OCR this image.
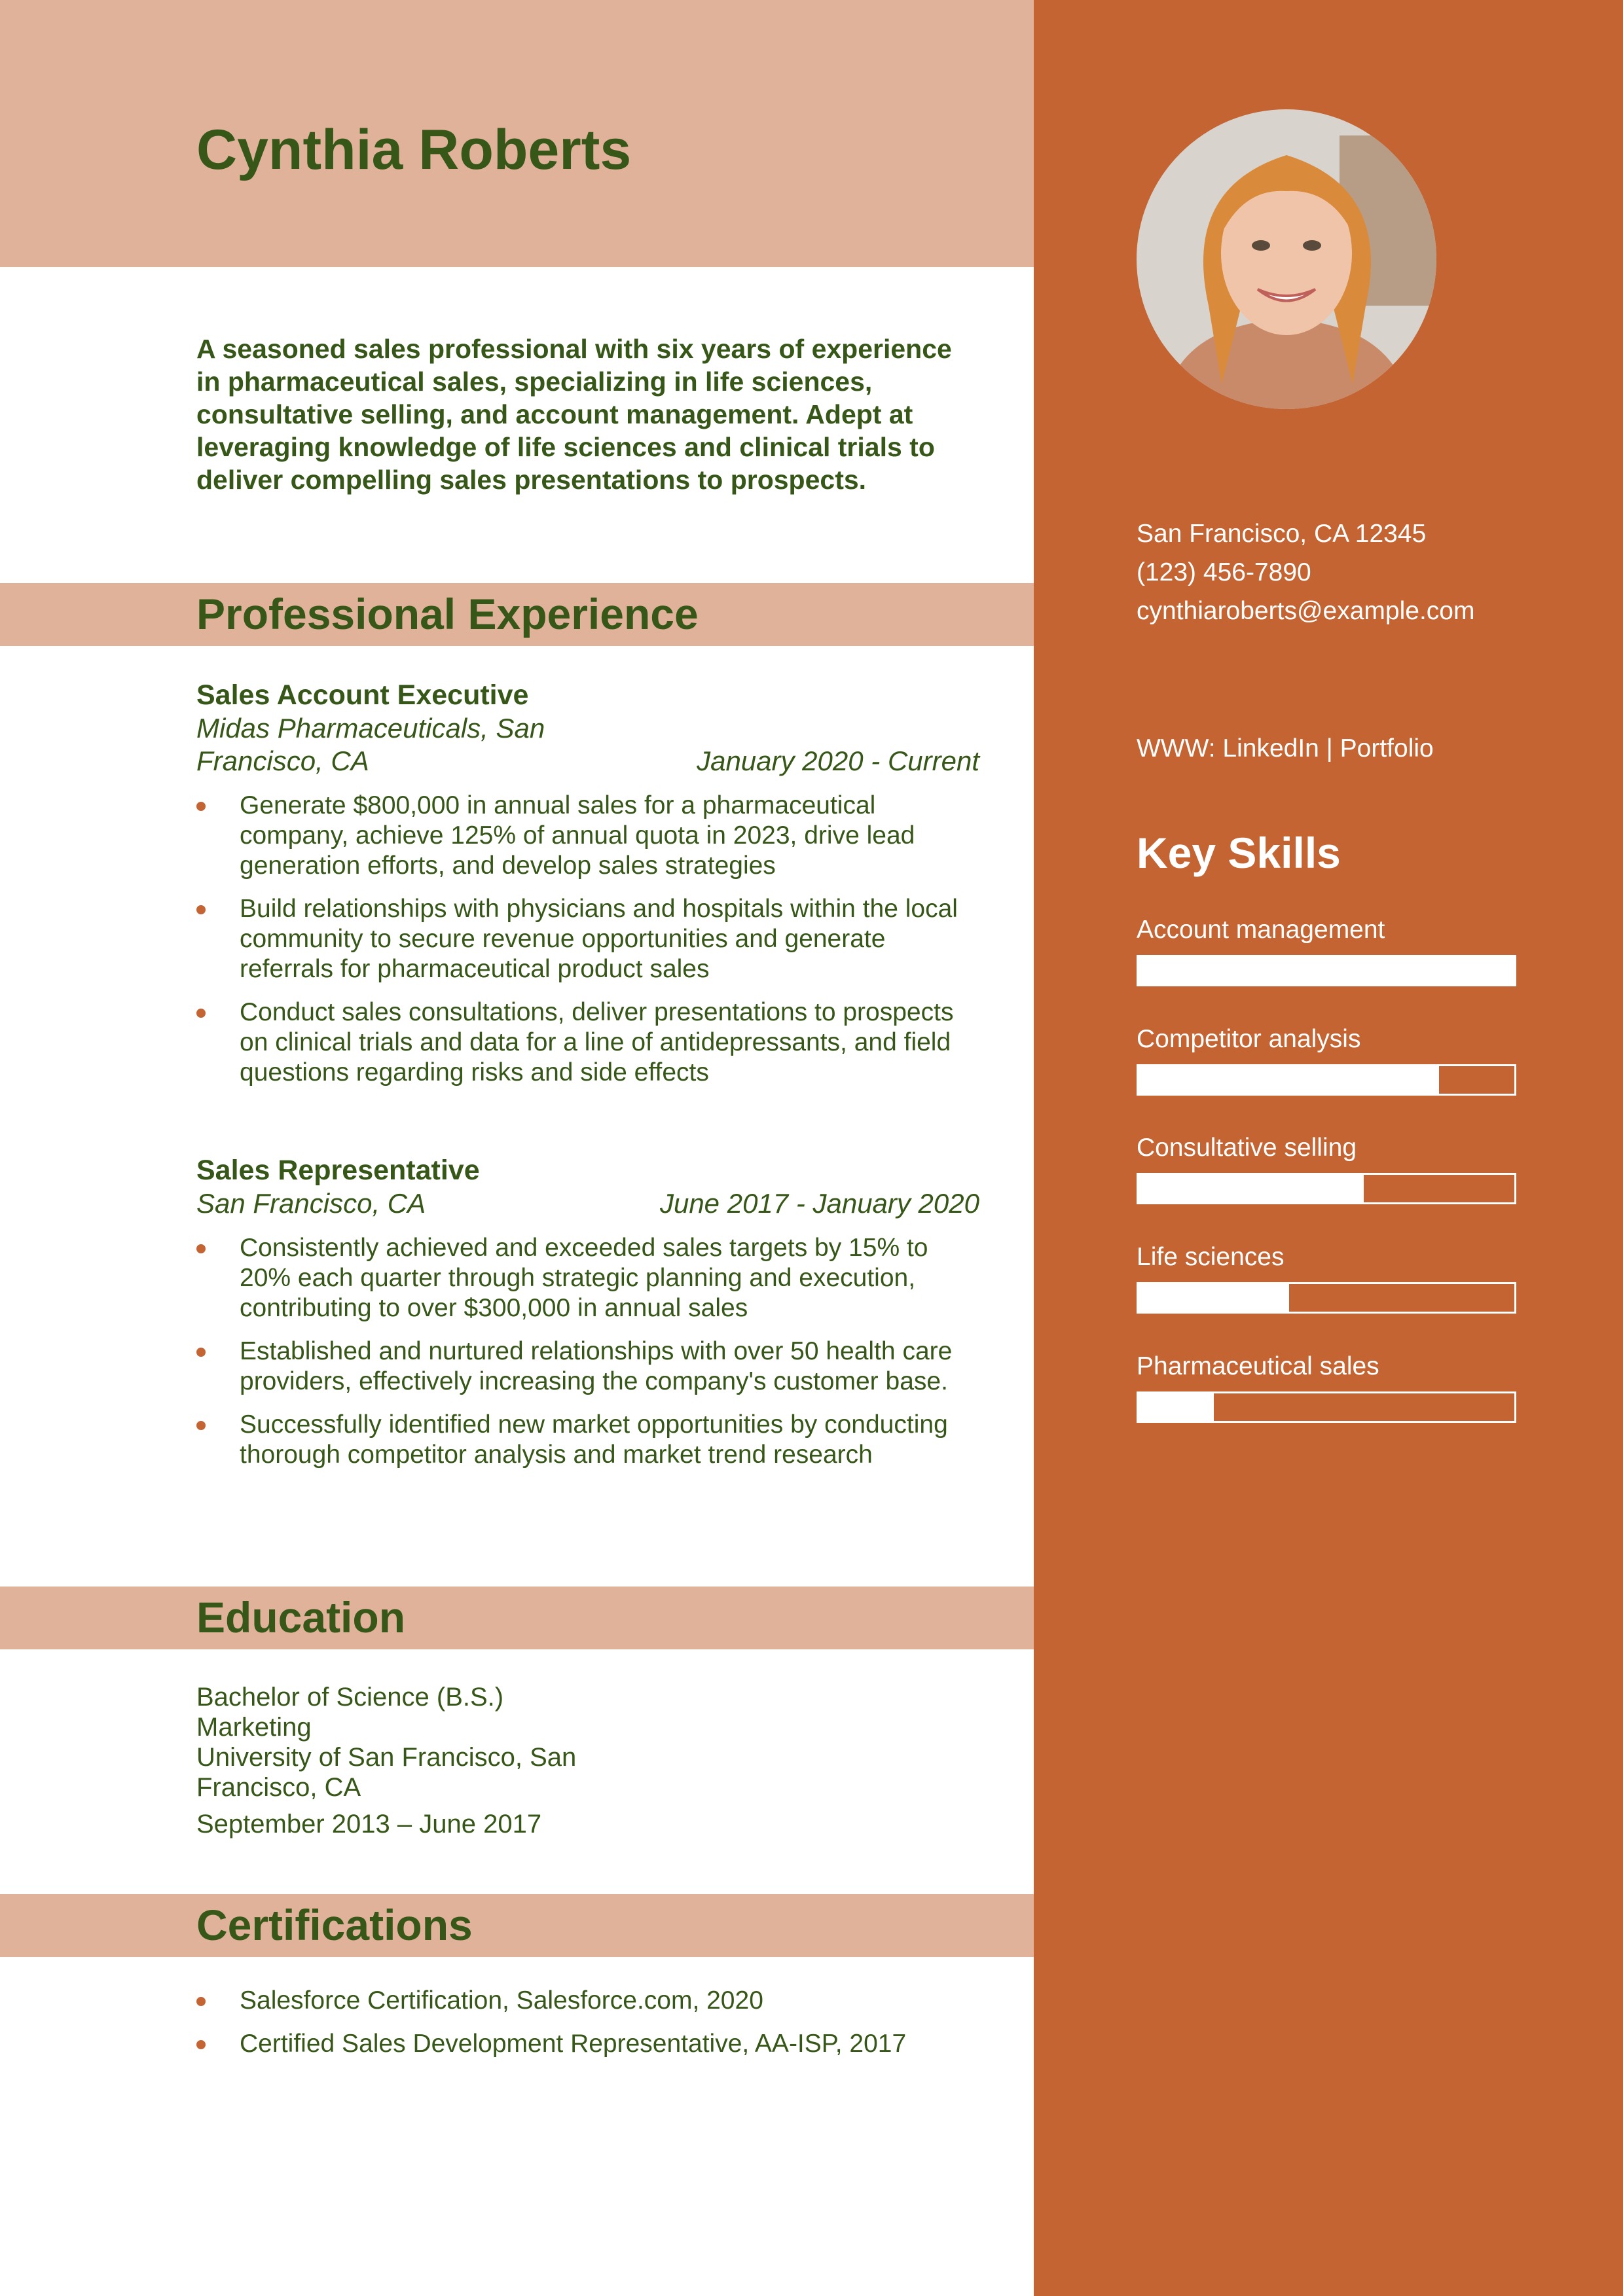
Cynthia Roberts

A seasoned sales professional with six years of experience in pharmaceutical sales, specializing in life sciences, consultative selling, and account management. Adept at leveraging knowledge of life sciences and clinical trials to deliver compelling sales presentations to prospects.

Professional Experience
Sales Account Executive
Midas Pharmaceuticals, San
Francisco, CA	January 2020 - Current
Generate $800,000 in annual sales for a pharmaceutical company, achieve 125% of annual quota in 2023, drive lead generation efforts, and develop sales strategies
Build relationships with physicians and hospitals within the local community to secure revenue opportunities and generate referrals for pharmaceutical product sales
Conduct sales consultations, deliver presentations to prospects on clinical trials and data for a line of antidepressants, and field questions regarding risks and side effects
Sales Representative
San Francisco, CA	June 2017 - January 2020
Consistently achieved and exceeded sales targets by 15% to 20% each quarter through strategic planning and execution, contributing to over $300,000 in annual sales
Established and nurtured relationships with over 50 health care providers, effectively increasing the company's customer base.
Successfully identified new market opportunities by conducting thorough competitor analysis and market trend research
Education
Bachelor of Science (B.S.)
Marketing
University of San Francisco, San
Francisco, CA
September 2013 – June 2017
Certifications
Salesforce Certification, Salesforce.com, 2020
Certified Sales Development Representative, AA-ISP, 2017
San Francisco, CA 12345
(123) 456-7890
cynthiaroberts@example.com
WWW: LinkedIn | Portfolio
Key Skills
Account management
Competitor analysis
Consultative selling
Life sciences
Pharmaceutical sales
